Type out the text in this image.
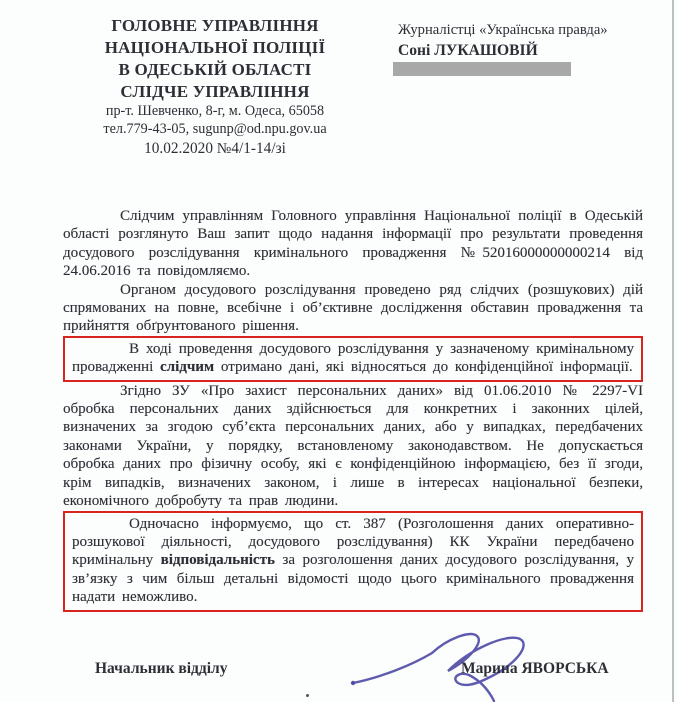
ГОЛОВНЕ УПРАВЛІННЯ
НАЦІОНАЛЬНОЇ ПОЛІЦІЇ
В ОДЕСЬКІЙ ОБЛАСТІ
СЛІДЧЕ УПРАВЛІННЯ
пр-т. Шевченко, 8-г, м. Одеса, 65058
тел.779-43-05, sugunp@od.npu.gov.ua
10.02.2020 №4/1-14/зі
Журналістці «Українська правда»
Соні ЛУКАШОВІЙ

Слідчим управлінням Головного управління Національної поліції в Одеській області розглянуто Ваш запит щодо надання інформації про результати проведення досудового розслідування кримінального провадження №52016000000000214 від 24.06.2016 та повідомляємо.

Органом досудового розслідування проведено ряд слідчих (розшукових) дій спрямованих на повне, всебічне і об’єктивне дослідження обставин провадження та прийняття обґрунтованого рішення.

В ході проведення досудового розслідування у зазначеному кримінальному провадженні слідчим отримано дані, які відносяться до конфіденційної інформації.

Згідно ЗУ «Про захист персональних даних» від 01.06.2010 № 2297-VI обробка персональних даних здійснюється для конкретних і законних цілей, визначених за згодою суб’єкта персональних даних, або у випадках, передбачених законами України, у порядку, встановленому законодавством. Не допускається обробка даних про фізичну особу, які є конфіденційною інформацією, без її згоди, крім випадків, визначених законом, і лише в інтересах національної безпеки, економічного добробуту та прав людини.

Одночасно інформуємо, що ст. 387 (Розголошення даних оперативно-розшукової діяльності, досудового розслідування) КК України передбачено кримінальну відповідальність за розголошення даних досудового розслідування, у зв’язку з чим більш детальні відомості щодо цього кримінального провадження надати неможливо.

Начальник відділу	Марина ЯВОРСЬКА
